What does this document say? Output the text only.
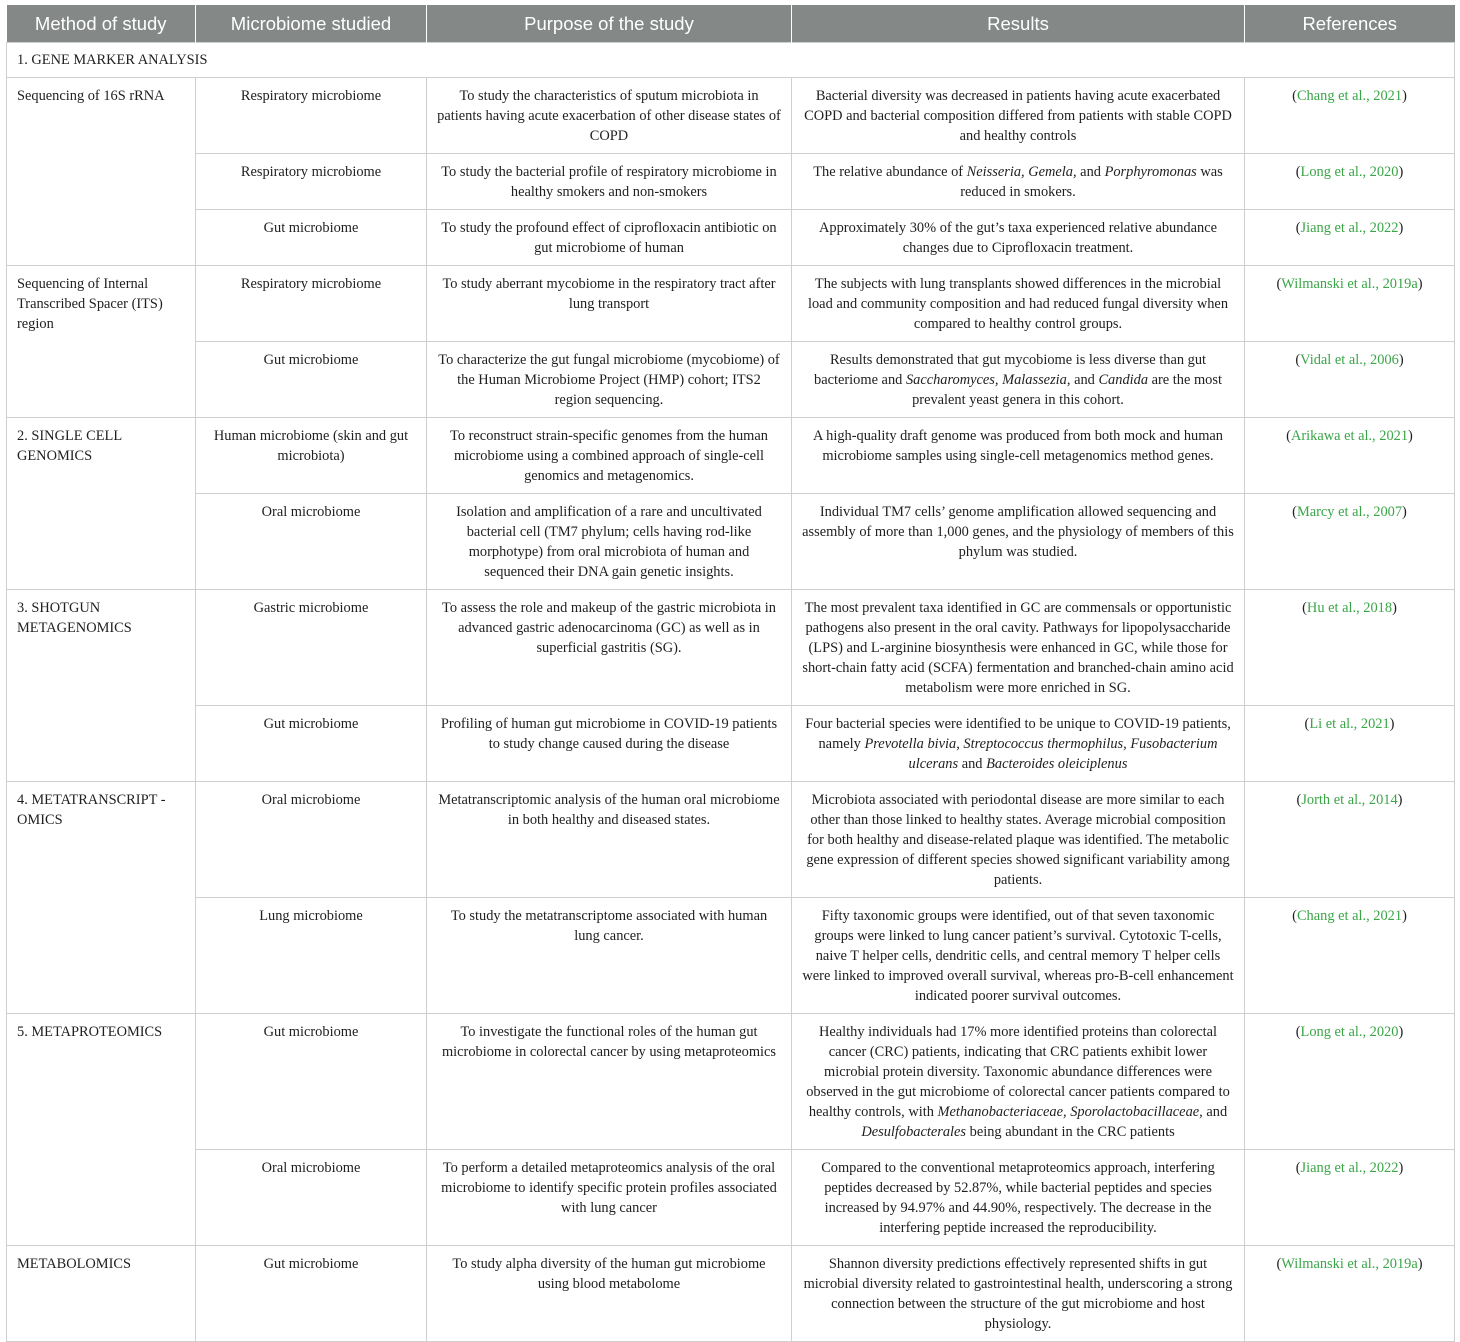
Method of study	Microbiome studied	Purpose of the study	Results	References
1. GENE MARKER ANALYSIS				
Sequencing of 16S rRNA	Respiratory microbiome	To study the characteristics of sputum microbiota in patients having acute exacerbation of other disease states of COPD	Bacterial diversity was decreased in patients having acute exacerbated COPD and bacterial composition differed from patients with stable COPD and healthy controls	(Chang et al., 2021)
	Respiratory microbiome	To study the bacterial profile of respiratory microbiome in healthy smokers and non-smokers	The relative abundance of Neisseria, Gemela, and Porphyromonas was reduced in smokers.	(Long et al., 2020)
	Gut microbiome	To study the profound effect of ciprofloxacin antibiotic on gut microbiome of human	Approximately 30% of the gut’s taxa experienced relative abundance changes due to Ciprofloxacin treatment.	(Jiang et al., 2022)
Sequencing of Internal Transcribed Spacer (ITS) region	Respiratory microbiome	To study aberrant mycobiome in the respiratory tract after lung transport	The subjects with lung transplants showed differences in the microbial load and community composition and had reduced fungal diversity when compared to healthy control groups.	(Wilmanski et al., 2019a)
	Gut microbiome	To characterize the gut fungal microbiome (mycobiome) of the Human Microbiome Project (HMP) cohort; ITS2 region sequencing.	Results demonstrated that gut mycobiome is less diverse than gut bacteriome and Saccharomyces, Malassezia, and Candida are the most prevalent yeast genera in this cohort.	(Vidal et al., 2006)
2. SINGLE CELL GENOMICS	Human microbiome (skin and gut microbiota)	To reconstruct strain-specific genomes from the human microbiome using a combined approach of single-cell genomics and metagenomics.	A high-quality draft genome was produced from both mock and human microbiome samples using single-cell metagenomics method genes.	(Arikawa et al., 2021)
	Oral microbiome	Isolation and amplification of a rare and uncultivated bacterial cell (TM7 phylum; cells having rod-like morphotype) from oral microbiota of human and sequenced their DNA gain genetic insights.	Individual TM7 cells’ genome amplification allowed sequencing and assembly of more than 1,000 genes, and the physiology of members of this phylum was studied.	(Marcy et al., 2007)
3. SHOTGUN METAGENOMICS	Gastric microbiome	To assess the role and makeup of the gastric microbiota in advanced gastric adenocarcinoma (GC) as well as in superficial gastritis (SG).	The most prevalent taxa identified in GC are commensals or opportunistic pathogens also present in the oral cavity. Pathways for lipopolysaccharide (LPS) and L-arginine biosynthesis were enhanced in GC, while those for short-chain fatty acid (SCFA) fermentation and branched-chain amino acid metabolism were more enriched in SG.	(Hu et al., 2018)
	Gut microbiome	Profiling of human gut microbiome in COVID-19 patients to study change caused during the disease	Four bacterial species were identified to be unique to COVID-19 patients, namely Prevotella bivia, Streptococcus thermophilus, Fusobacterium ulcerans and Bacteroides oleiciplenus	(Li et al., 2021)
4. METATRANSCRIPT -OMICS	Oral microbiome	Metatranscriptomic analysis of the human oral microbiome in both healthy and diseased states.	Microbiota associated with periodontal disease are more similar to each other than those linked to healthy states. Average microbial composition for both healthy and disease-related plaque was identified. The metabolic gene expression of different species showed significant variability among patients.	(Jorth et al., 2014)
	Lung microbiome	To study the metatranscriptome associated with human lung cancer.	Fifty taxonomic groups were identified, out of that seven taxonomic groups were linked to lung cancer patient’s survival. Cytotoxic T-cells, naive T helper cells, dendritic cells, and central memory T helper cells were linked to improved overall survival, whereas pro-B-cell enhancement indicated poorer survival outcomes.	(Chang et al., 2021)
5. METAPROTEOMICS	Gut microbiome	To investigate the functional roles of the human gut microbiome in colorectal cancer by using metaproteomics	Healthy individuals had 17% more identified proteins than colorectal cancer (CRC) patients, indicating that CRC patients exhibit lower microbial protein diversity. Taxonomic abundance differences were observed in the gut microbiome of colorectal cancer patients compared to healthy controls, with Methanobacteriaceae, Sporolactobacillaceae, and Desulfobacterales being abundant in the CRC patients	(Long et al., 2020)
	Oral microbiome	To perform a detailed metaproteomics analysis of the oral microbiome to identify specific protein profiles associated with lung cancer	Compared to the conventional metaproteomics approach, interfering peptides decreased by 52.87%, while bacterial peptides and species increased by 94.97% and 44.90%, respectively. The decrease in the interfering peptide increased the reproducibility.	(Jiang et al., 2022)
METABOLOMICS	Gut microbiome	To study alpha diversity of the human gut microbiome using blood metabolome	Shannon diversity predictions effectively represented shifts in gut microbial diversity related to gastrointestinal health, underscoring a strong connection between the structure of the gut microbiome and host physiology.	(Wilmanski et al., 2019a)
